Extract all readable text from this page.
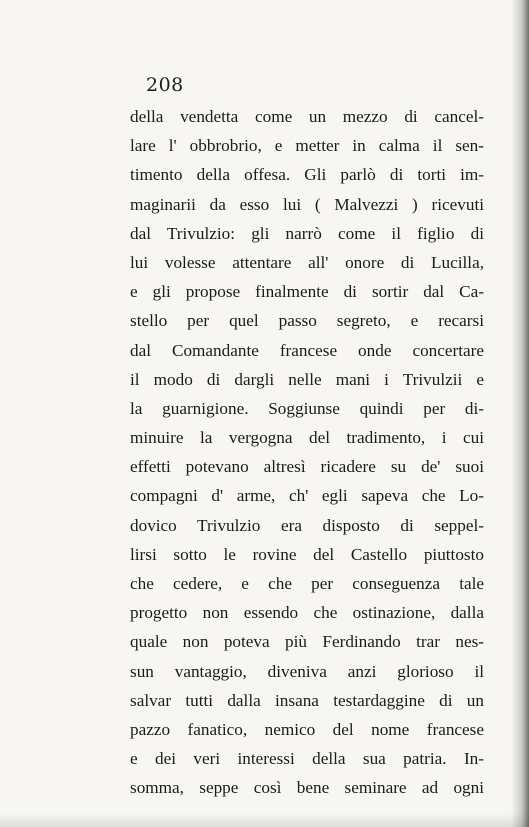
208
della vendetta come un mezzo di cancel-
lare l' obbrobrio, e metter in calma il sen-
timento della offesa. Gli parlò di torti im-
maginarii da esso lui ( Malvezzi ) ricevuti
dal Trivulzio: gli narrò come il figlio di
lui volesse attentare all' onore di Lucilla,
e gli propose finalmente di sortir dal Ca-
stello per quel passo segreto, e recarsi
dal Comandante francese onde concertare
il modo di dargli nelle mani i Trivulzii e
la guarnigione. Soggiunse quindi per di-
minuire la vergogna del tradimento, i cui
effetti potevano altresì ricadere su de' suoi
compagni d' arme, ch' egli sapeva che Lo-
dovico Trivulzio era disposto di seppel-
lirsi sotto le rovine del Castello piuttosto
che cedere, e che per conseguenza tale
progetto non essendo che ostinazione, dalla
quale non poteva più Ferdinando trar nes-
sun vantaggio, diveniva anzi glorioso il
salvar tutti dalla insana testardaggine di un
pazzo fanatico, nemico del nome francese
e dei veri interessi della sua patria. In-
somma, seppe così bene seminare ad ogni
